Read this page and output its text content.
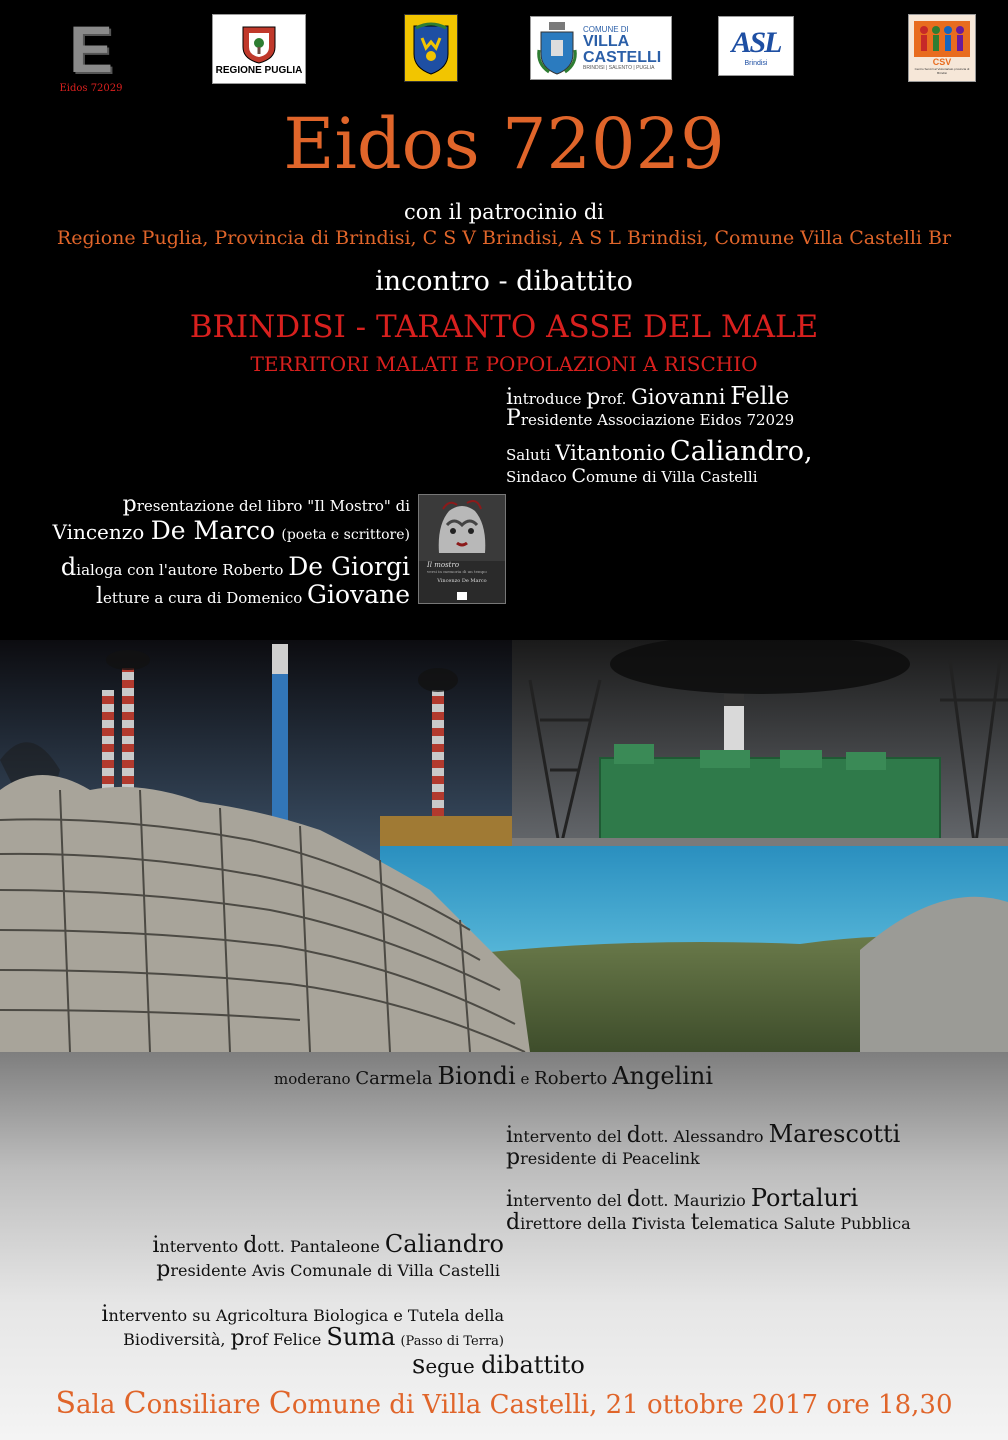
E
Eidos 72029
REGIONE PUGLIA
COMUNE DI
VILLA
CASTELLI
BRINDISI | SALENTO | PUGLIA
ASL
Brindisi	CSV
Centro Servizi al Volontariato provincia di Brindisi
Eidos 72029
con il patrocinio di
Regione Puglia, Provincia di Brindisi, C S V Brindisi, A S L Brindisi, Comune Villa Castelli Br
incontro - dibattito
BRINDISI - TARANTO ASSE DEL MALE
TERRITORI MALATI E POPOLAZIONI A RISCHIO
introduce prof. Giovanni Felle
Presidente Associazione Eidos 72029
Saluti Vitantonio Caliandro,
Sindaco Comune di Villa Castelli
presentazione del libro "Il Mostro" di
Vincenzo De Marco (poeta e scrittore)
dialoga con l'autore Roberto De Giorgi
letture a cura di Domenico Giovane
Il mostro
versi in memoria di un tempo
Vincenzo De Marco
moderano Carmela Biondi e Roberto Angelini
intervento del dott. Alessandro Marescotti
presidente di Peacelink
intervento del dott. Maurizio Portaluri
direttore della rivista telematica Salute Pubblica
intervento dott. Pantaleone Caliandro
presidente Avis Comunale di Villa Castelli
intervento su Agricoltura Biologica e Tutela della
Biodiversità, prof Felice Suma (Passo di Terra)
segue dibattito
Sala Consiliare Comune di Villa Castelli, 21 ottobre 2017 ore 18,30
